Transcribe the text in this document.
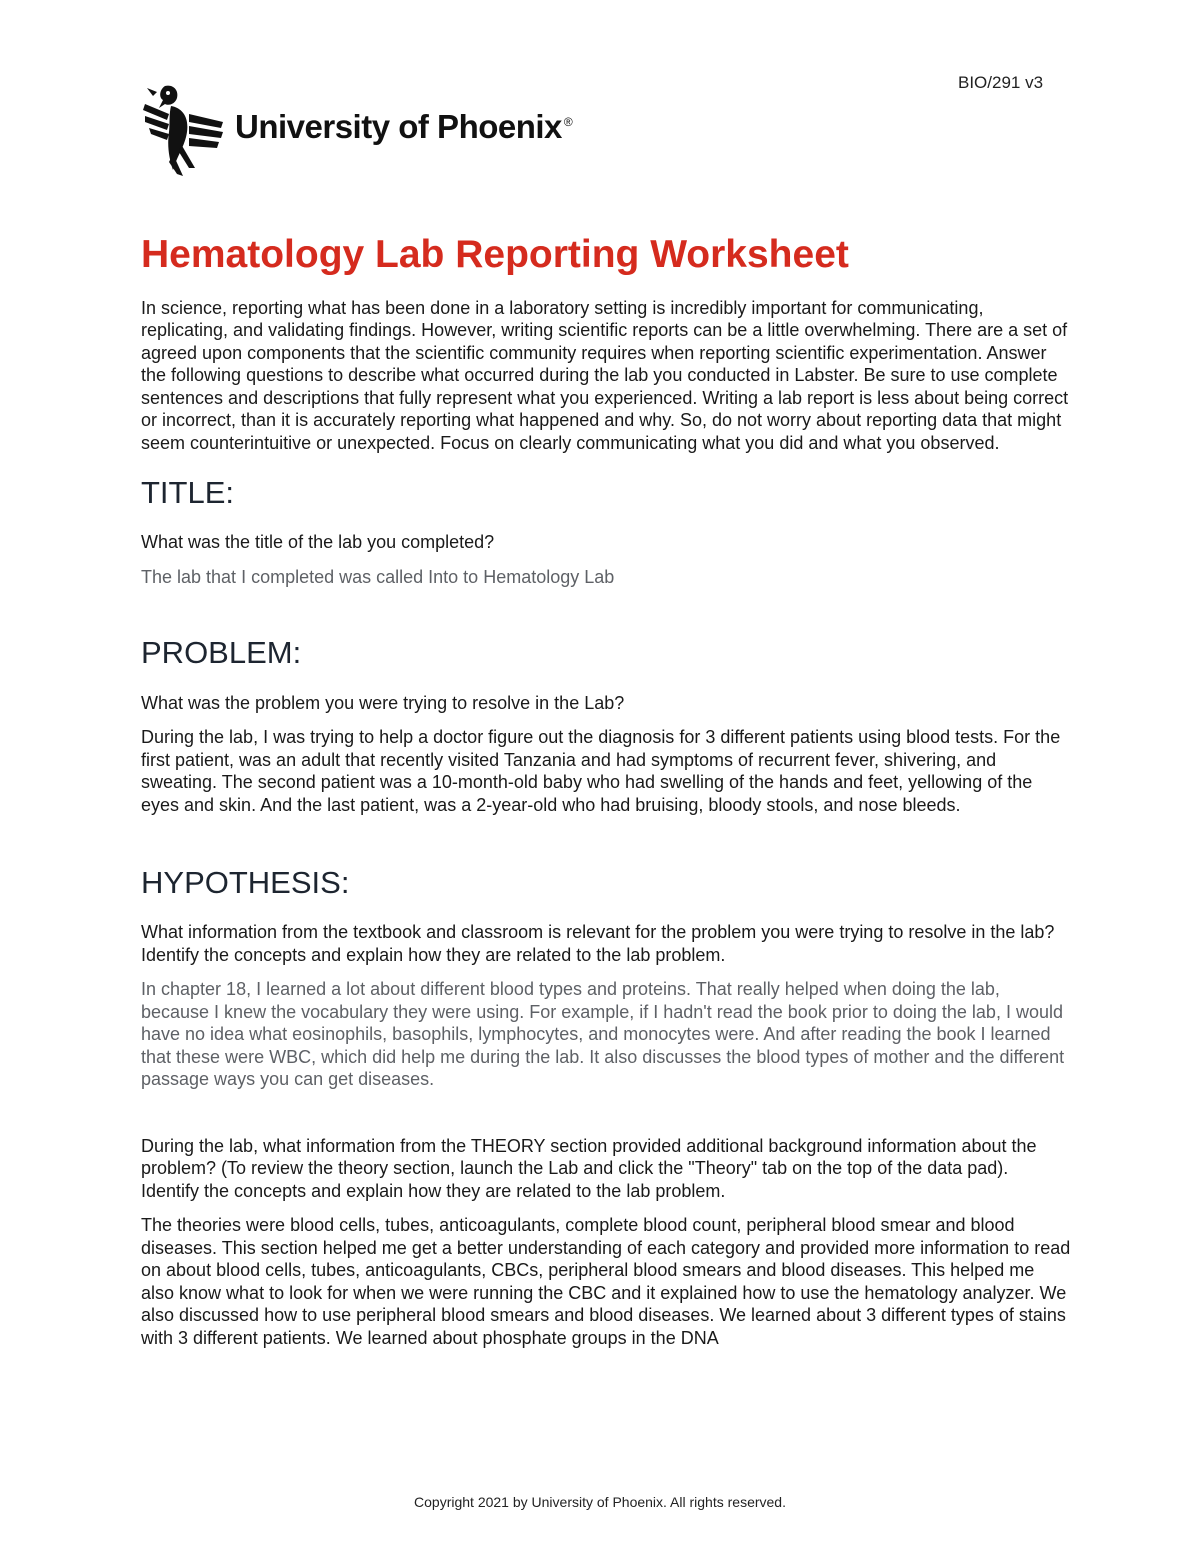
BIO/291 v3
University of Phoenix ®
Hematology Lab Reporting Worksheet

In science, reporting what has been done in a laboratory setting is incredibly important for communicating, replicating, and validating findings. However, writing scientific reports can be a little overwhelming. There are a set of agreed upon components that the scientific community requires when reporting scientific experimentation. Answer the following questions to describe what occurred during the lab you conducted in Labster. Be sure to use complete sentences and descriptions that fully represent what you experienced. Writing a lab report is less about being correct or incorrect, than it is accurately reporting what happened and why. So, do not worry about reporting data that might seem counterintuitive or unexpected. Focus on clearly communicating what you did and what you observed.

TITLE:

What was the title of the lab you completed?

The lab that I completed was called Into to Hematology Lab

PROBLEM:

What was the problem you were trying to resolve in the Lab?

During the lab, I was trying to help a doctor figure out the diagnosis for 3 different patients using blood tests. For the first patient, was an adult that recently visited Tanzania and had symptoms of recurrent fever, shivering, and sweating. The second patient was a 10-month-old baby who had swelling of the hands and feet, yellowing of the eyes and skin. And the last patient, was a 2-year-old who had bruising, bloody stools, and nose bleeds.

HYPOTHESIS:

What information from the textbook and classroom is relevant for the problem you were trying to resolve in the lab? Identify the concepts and explain how they are related to the lab problem.

In chapter 18, I learned a lot about different blood types and proteins. That really helped when doing the lab, because I knew the vocabulary they were using. For example, if I hadn't read the book prior to doing the lab, I would have no idea what eosinophils, basophils, lymphocytes, and monocytes were. And after reading the book I learned that these were WBC, which did help me during the lab. It also discusses the blood types of mother and the different passage ways you can get diseases.

During the lab, what information from the THEORY section provided additional background information about the problem? (To review the theory section, launch the Lab and click the "Theory" tab on the top of the data pad). Identify the concepts and explain how they are related to the lab problem.

The theories were blood cells, tubes, anticoagulants, complete blood count, peripheral blood smear and blood diseases. This section helped me get a better understanding of each category and provided more information to read on about blood cells, tubes, anticoagulants, CBCs, peripheral blood smears and blood diseases. This helped me also know what to look for when we were running the CBC and it explained how to use the hematology analyzer. We also discussed how to use peripheral blood smears and blood diseases. We learned about 3 different types of stains with 3 different patients. We learned about phosphate groups in the DNA

Copyright 2021 by University of Phoenix. All rights reserved.
